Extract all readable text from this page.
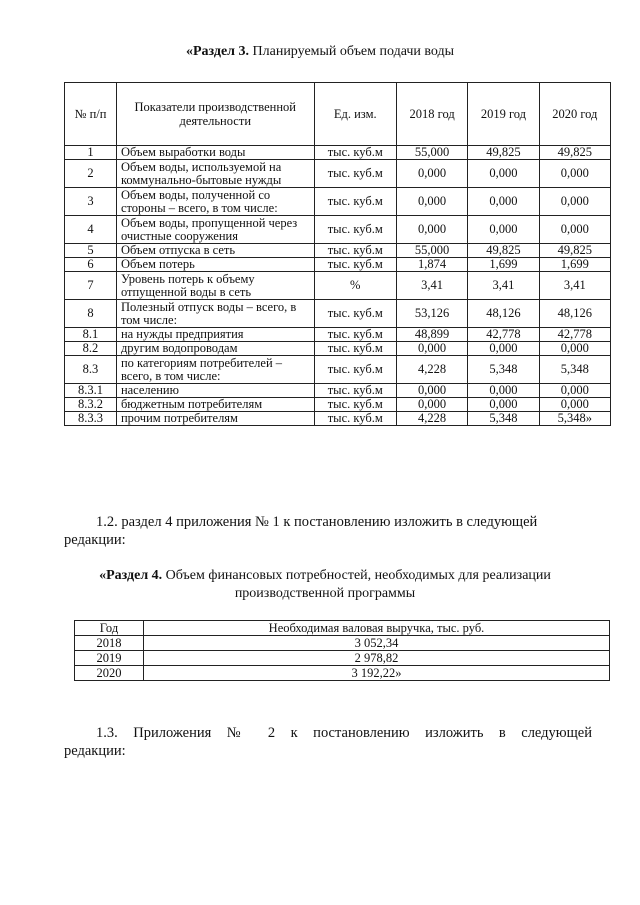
«Раздел 3. Планируемый объем подачи воды
№ п/п	Показатели производственной деятельности	Ед. изм.	2018 год	2019 год	2020 год
1	Объем выработки воды	тыс. куб.м	55,000	49,825	49,825
2	Объем воды, используемой на коммунально-бытовые нужды	тыс. куб.м	0,000	0,000	0,000
3	Объем воды, полученной со стороны – всего, в том числе:	тыс. куб.м	0,000	0,000	0,000
4	Объем воды, пропущенной через очистные сооружения	тыс. куб.м	0,000	0,000	0,000
5	Объем отпуска в сеть	тыс. куб.м	55,000	49,825	49,825
6	Объем потерь	тыс. куб.м	1,874	1,699	1,699
7	Уровень потерь к объему отпущенной воды в сеть	%	3,41	3,41	3,41
8	Полезный отпуск воды – всего, в том числе:	тыс. куб.м	53,126	48,126	48,126
8.1	на нужды предприятия	тыс. куб.м	48,899	42,778	42,778
8.2	другим водопроводам	тыс. куб.м	0,000	0,000	0,000
8.3	по категориям потребителей – всего, в том числе:	тыс. куб.м	4,228	5,348	5,348
8.3.1	населению	тыс. куб.м	0,000	0,000	0,000
8.3.2	бюджетным потребителям	тыс. куб.м	0,000	0,000	0,000
8.3.3	прочим потребителям	тыс. куб.м	4,228	5,348	5,348»
1.2. раздел 4 приложения № 1 к постановлению изложить в следующей
редакции:
«Раздел 4. Объем финансовых потребностей, необходимых для реализации
производственной программы
Год	Необходимая валовая выручка, тыс. руб.
2018	3 052,34
2019	2 978,82
2020	3 192,22»
1.3. Приложения № 2 к постановлению изложить в следующей
редакции:
